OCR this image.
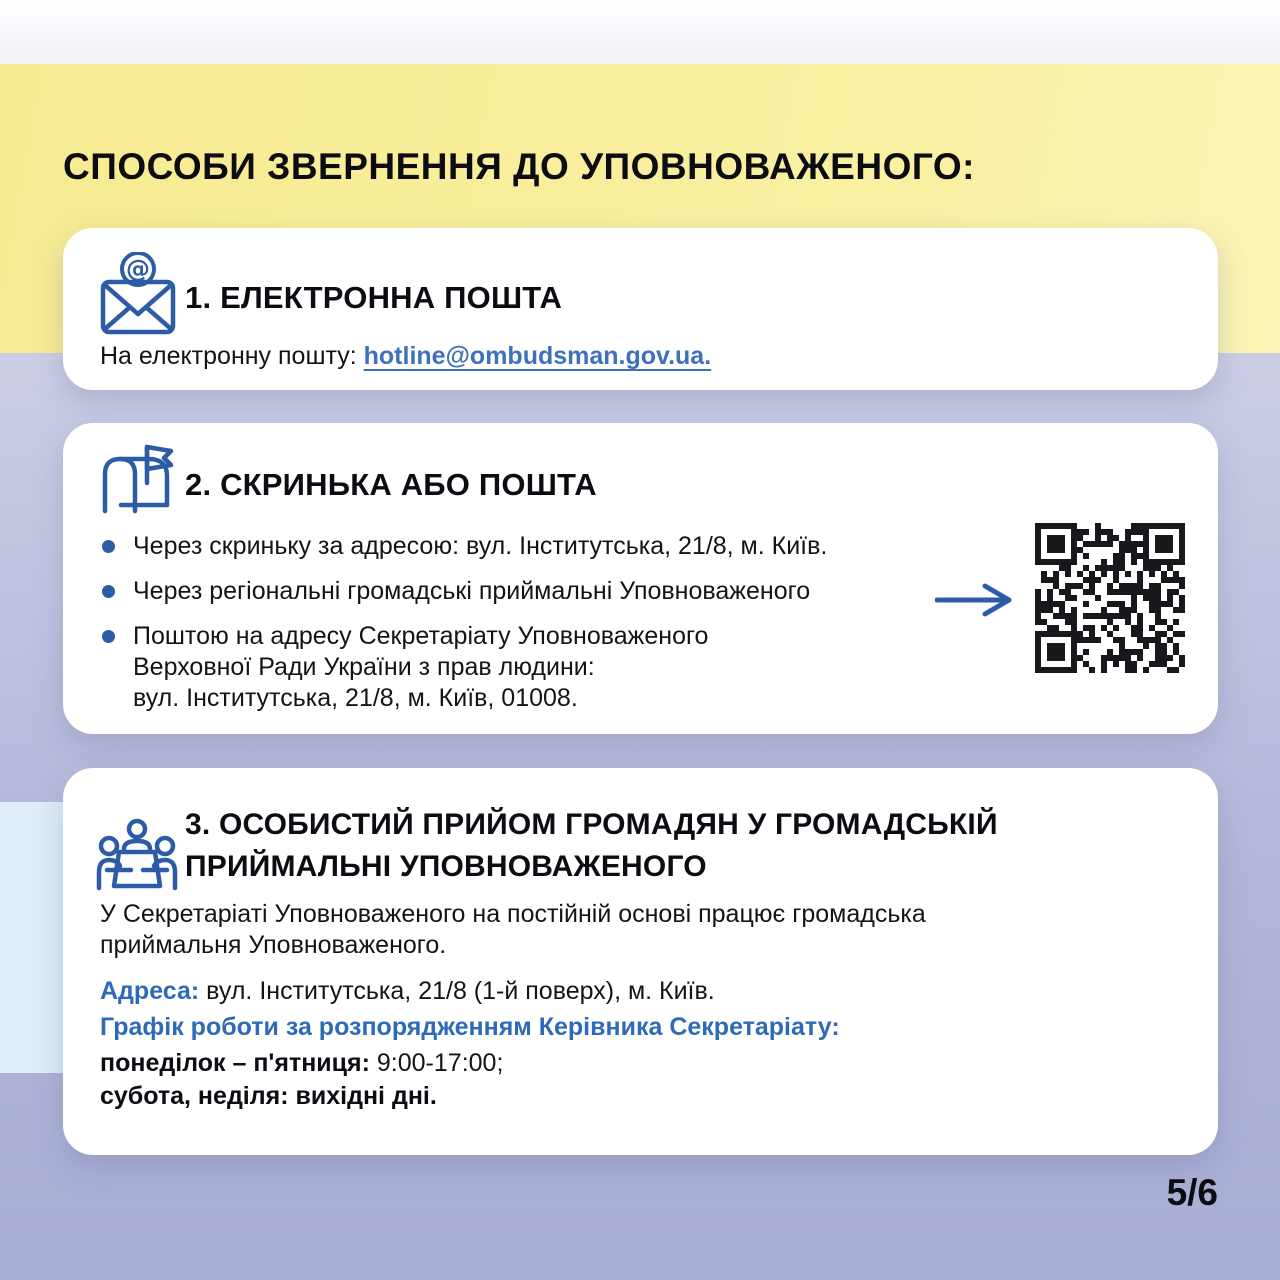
СПОСОБИ ЗВЕРНЕННЯ ДО УПОВНОВАЖЕНОГО:
@
1. ЕЛЕКТРОННА ПОШТА
На електронну пошту: hotline@ombudsman.gov.ua.
2. СКРИНЬКА АБО ПОШТА
Через скриньку за адресою: вул. Інститутська, 21/8, м. Київ.
Через регіональні громадські приймальні Уповноваженого
Поштою на адресу Секретаріату Уповноваженого
Верховної Ради України з прав людини:
вул. Інститутська, 21/8, м. Київ, 01008.
3. ОСОБИСТИЙ ПРИЙОМ ГРОМАДЯН У ГРОМАДСЬКІЙ
ПРИЙМАЛЬНІ УПОВНОВАЖЕНОГО
У Секретаріаті Уповноваженого на постійній основі працює громадська
приймальня Уповноваженого.
Адреса: вул. Інститутська, 21/8 (1-й поверх), м. Київ.
Графік роботи за розпорядженням Керівника Секретаріату:
понеділок – п'ятниця: 9:00-17:00;
субота, неділя: вихідні дні.
5/6
